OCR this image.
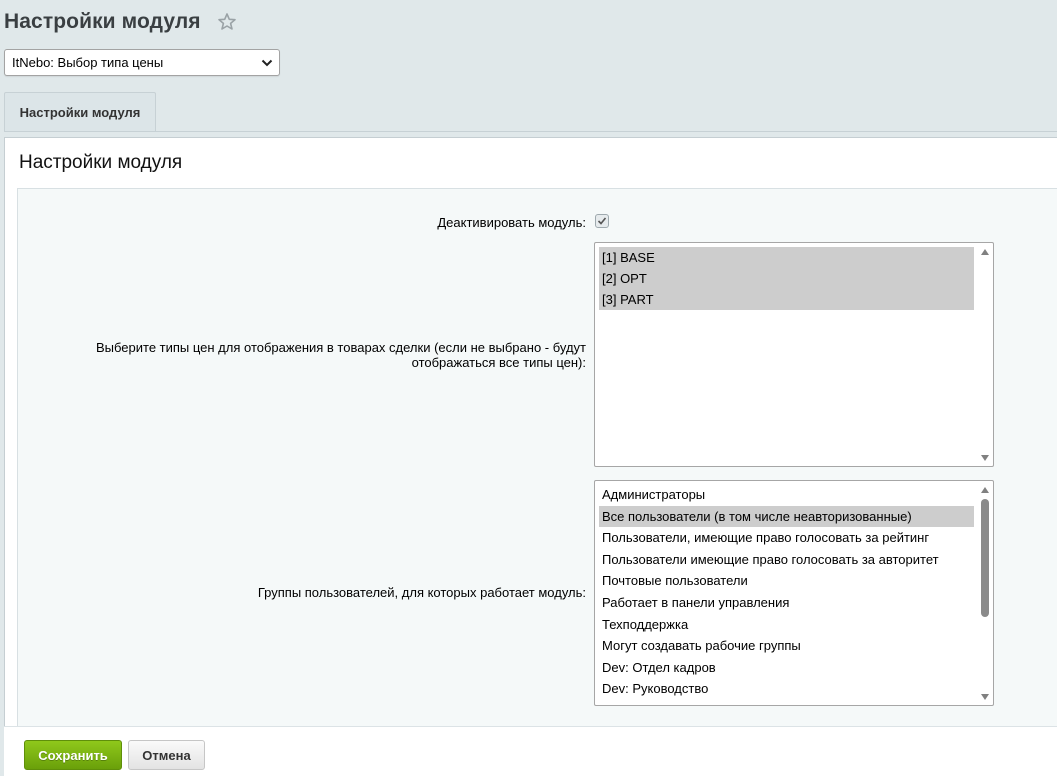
Настройки модуля
ItNebo: Выбор типа цены
Настройки модуля
Настройки модуля
Деактивировать модуль:
Выберите типы цен для отображения в товарах сделки (если не выбрано - будут
отображаться все типы цен):
[1] BASE
[2] OPT
[3] PART
Группы пользователей, для которых работает модуль:
Администраторы
Все пользователи (в том числе неавторизованные)
Пользователи, имеющие право голосовать за рейтинг
Пользователи имеющие право голосовать за авторитет
Почтовые пользователи
Работает в панели управления
Техподдержка
Могут создавать рабочие группы
Dev: Отдел кадров
Dev: Руководство
Сохранить	Отмена
